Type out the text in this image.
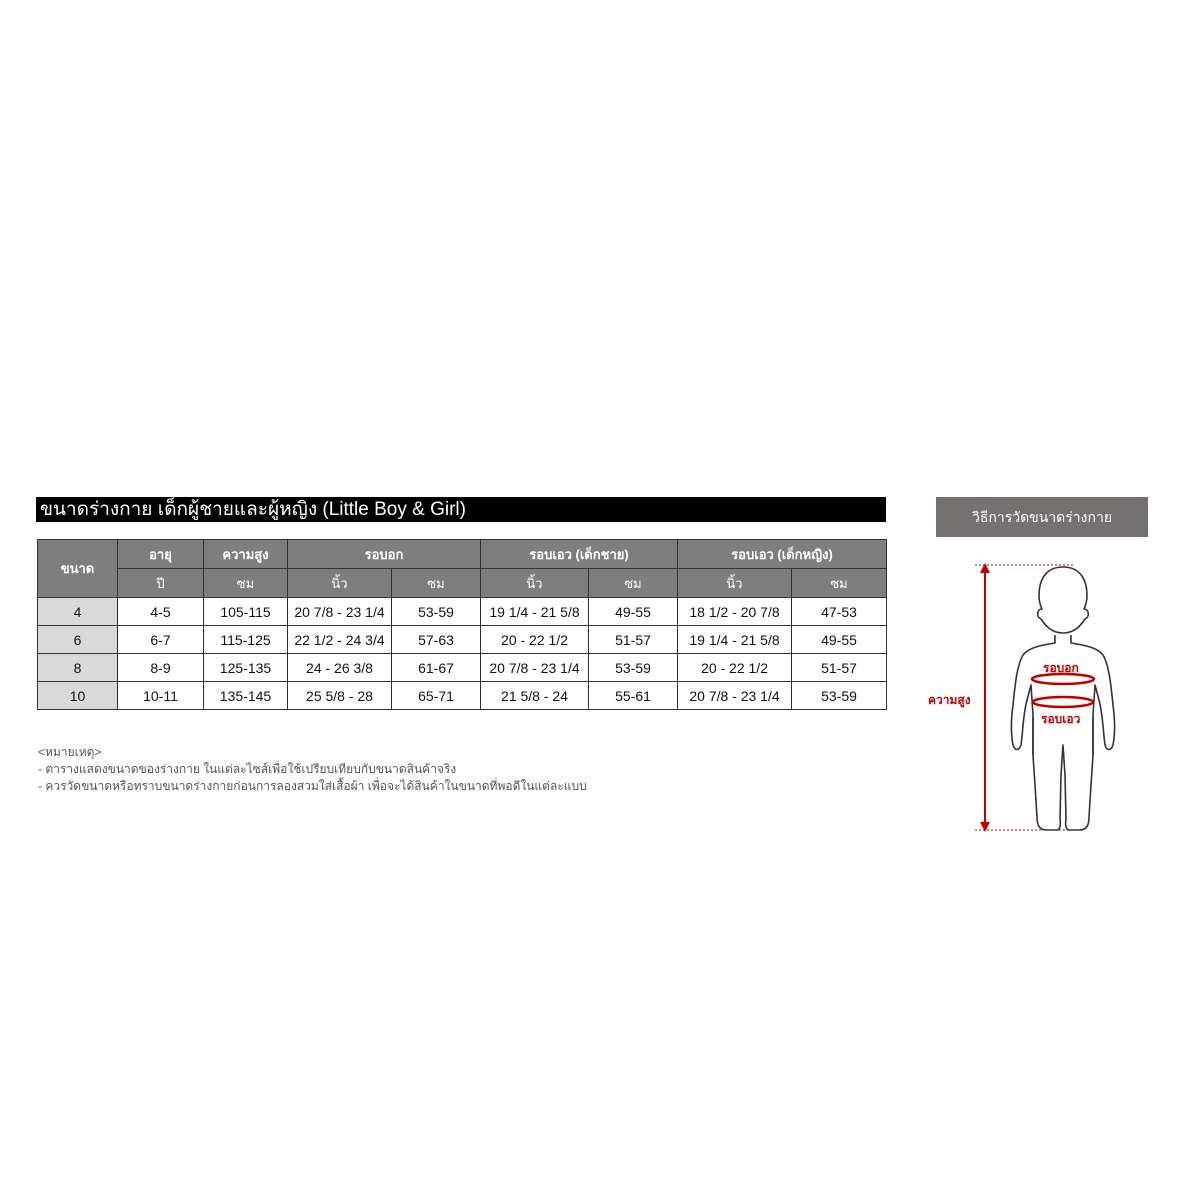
ขนาดร่างกาย เด็กผู้ชายและผู้หญิง (Little Boy & Girl)
ขนาด	อายุ	ความสูง	รอบอก		รอบเอว (เด็กชาย)		รอบเอว (เด็กหญิง)	
	ปี	ซม	นิ้ว	ซม	นิ้ว	ซม	นิ้ว	ซม
4	4-5	105-115	20 7/8 - 23 1/4	53-59	19 1/4 - 21 5/8	49-55	18 1/2 - 20 7/8	47-53
6	6-7	115-125	22 1/2 - 24 3/4	57-63	20 - 22 1/2	51-57	19 1/4 - 21 5/8	49-55
8	8-9	125-135	24 - 26 3/8	61-67	20 7/8 - 23 1/4	53-59	20 - 22 1/2	51-57
10	10-11	135-145	25 5/8 - 28	65-71	21 5/8 - 24	55-61	20 7/8 - 23 1/4	53-59
<หมายเหตุ>
- ตารางแสดงขนาดของร่างกาย ในแต่ละไซส์เพื่อใช้เปรียบเทียบกับขนาดสินค้าจริง
- ควรวัดขนาดหรือทราบขนาดร่างกายก่อนการลองสวมใส่เสื้อผ้า เพื่อจะได้สินค้าในขนาดที่พอดีในแต่ละแบบ
วิธีการวัดขนาดร่างกาย
รอบอก
รอบเอว
ความสูง
